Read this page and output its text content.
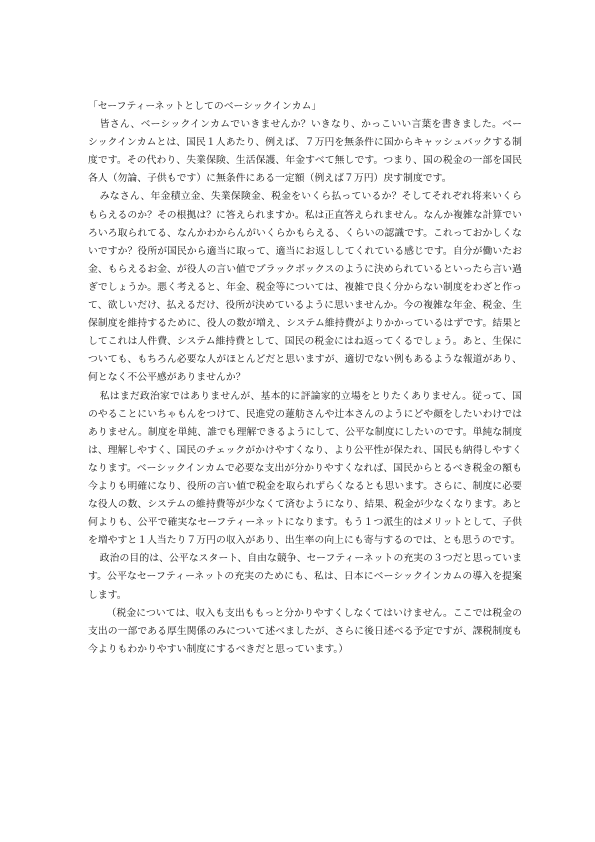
「セーフティーネットとしてのベーシックインカム」

皆さん、ベーシックインカムでいきませんか？いきなり、かっこいい言葉を書きました。ベーシックインカムとは、国民１人あたり、例えば、７万円を無条件に国からキャッシュバックする制度です。その代わり、失業保険、生活保護、年金すべて無しです。つまり、国の税金の一部を国民各人（勿論、子供もです）に無条件にある一定額（例えば７万円）戻す制度です。

みなさん、年金積立金、失業保険金、税金をいくら払っているか？そしてそれぞれ将来いくらもらえるのか？その根拠は？に答えられますか。私は正直答えられません。なんか複雑な計算でいろいろ取られてる、なんかわからんがいくらかもらえる、くらいの認識です。これっておかしくないですか？役所が国民から適当に取って、適当にお返ししてくれている感じです。自分が働いたお金、もらえるお金、が役人の言い値でブラックボックスのように決められているといったら言い過ぎでしょうか。悪く考えると、年金、税金等については、複雑で良く分からない制度をわざと作って、欲しいだけ、払えるだけ、役所が決めているように思いませんか。今の複雑な年金、税金、生保制度を維持するために、役人の数が増え、システム維持費がよりかかっているはずです。結果としてこれは人件費、システム維持費として、国民の税金にはね返ってくるでしょう。あと、生保についても、もちろん必要な人がほとんどだと思いますが、適切でない例もあるような報道があり、何となく不公平感がありませんか？

私はまだ政治家ではありませんが、基本的に評論家的立場をとりたくありません。従って、国のやることにいちゃもんをつけて、民進党の蓮舫さんや辻本さんのようにどや顔をしたいわけではありません。制度を単純、誰でも理解できるようにして、公平な制度にしたいのです。単純な制度は、理解しやすく、国民のチェックがかけやすくなり、より公平性が保たれ、国民も納得しやすくなります。ベーシックインカムで必要な支出が分かりやすくなれば、国民からとるべき税金の額も今よりも明確になり、役所の言い値で税金を取られずらくなるとも思います。さらに、制度に必要な役人の数、システムの維持費等が少なくて済むようになり、結果、税金が少なくなります。あと何よりも、公平で確実なセーフティーネットになります。もう１つ派生的はメリットとして、子供を増やすと１人当たり７万円の収入があり、出生率の向上にも寄与するのでは、とも思うのです。

政治の目的は、公平なスタート、自由な競争、セーフティーネットの充実の３つだと思っています。公平なセーフティーネットの充実のためにも、私は、日本にベーシックインカムの導入を提案します。

（税金については、収入も支出ももっと分かりやすくしなくてはいけません。ここでは税金の支出の一部である厚生関係のみについて述べましたが、さらに後日述べる予定ですが、課税制度も今よりもわかりやすい制度にするべきだと思っています。）
